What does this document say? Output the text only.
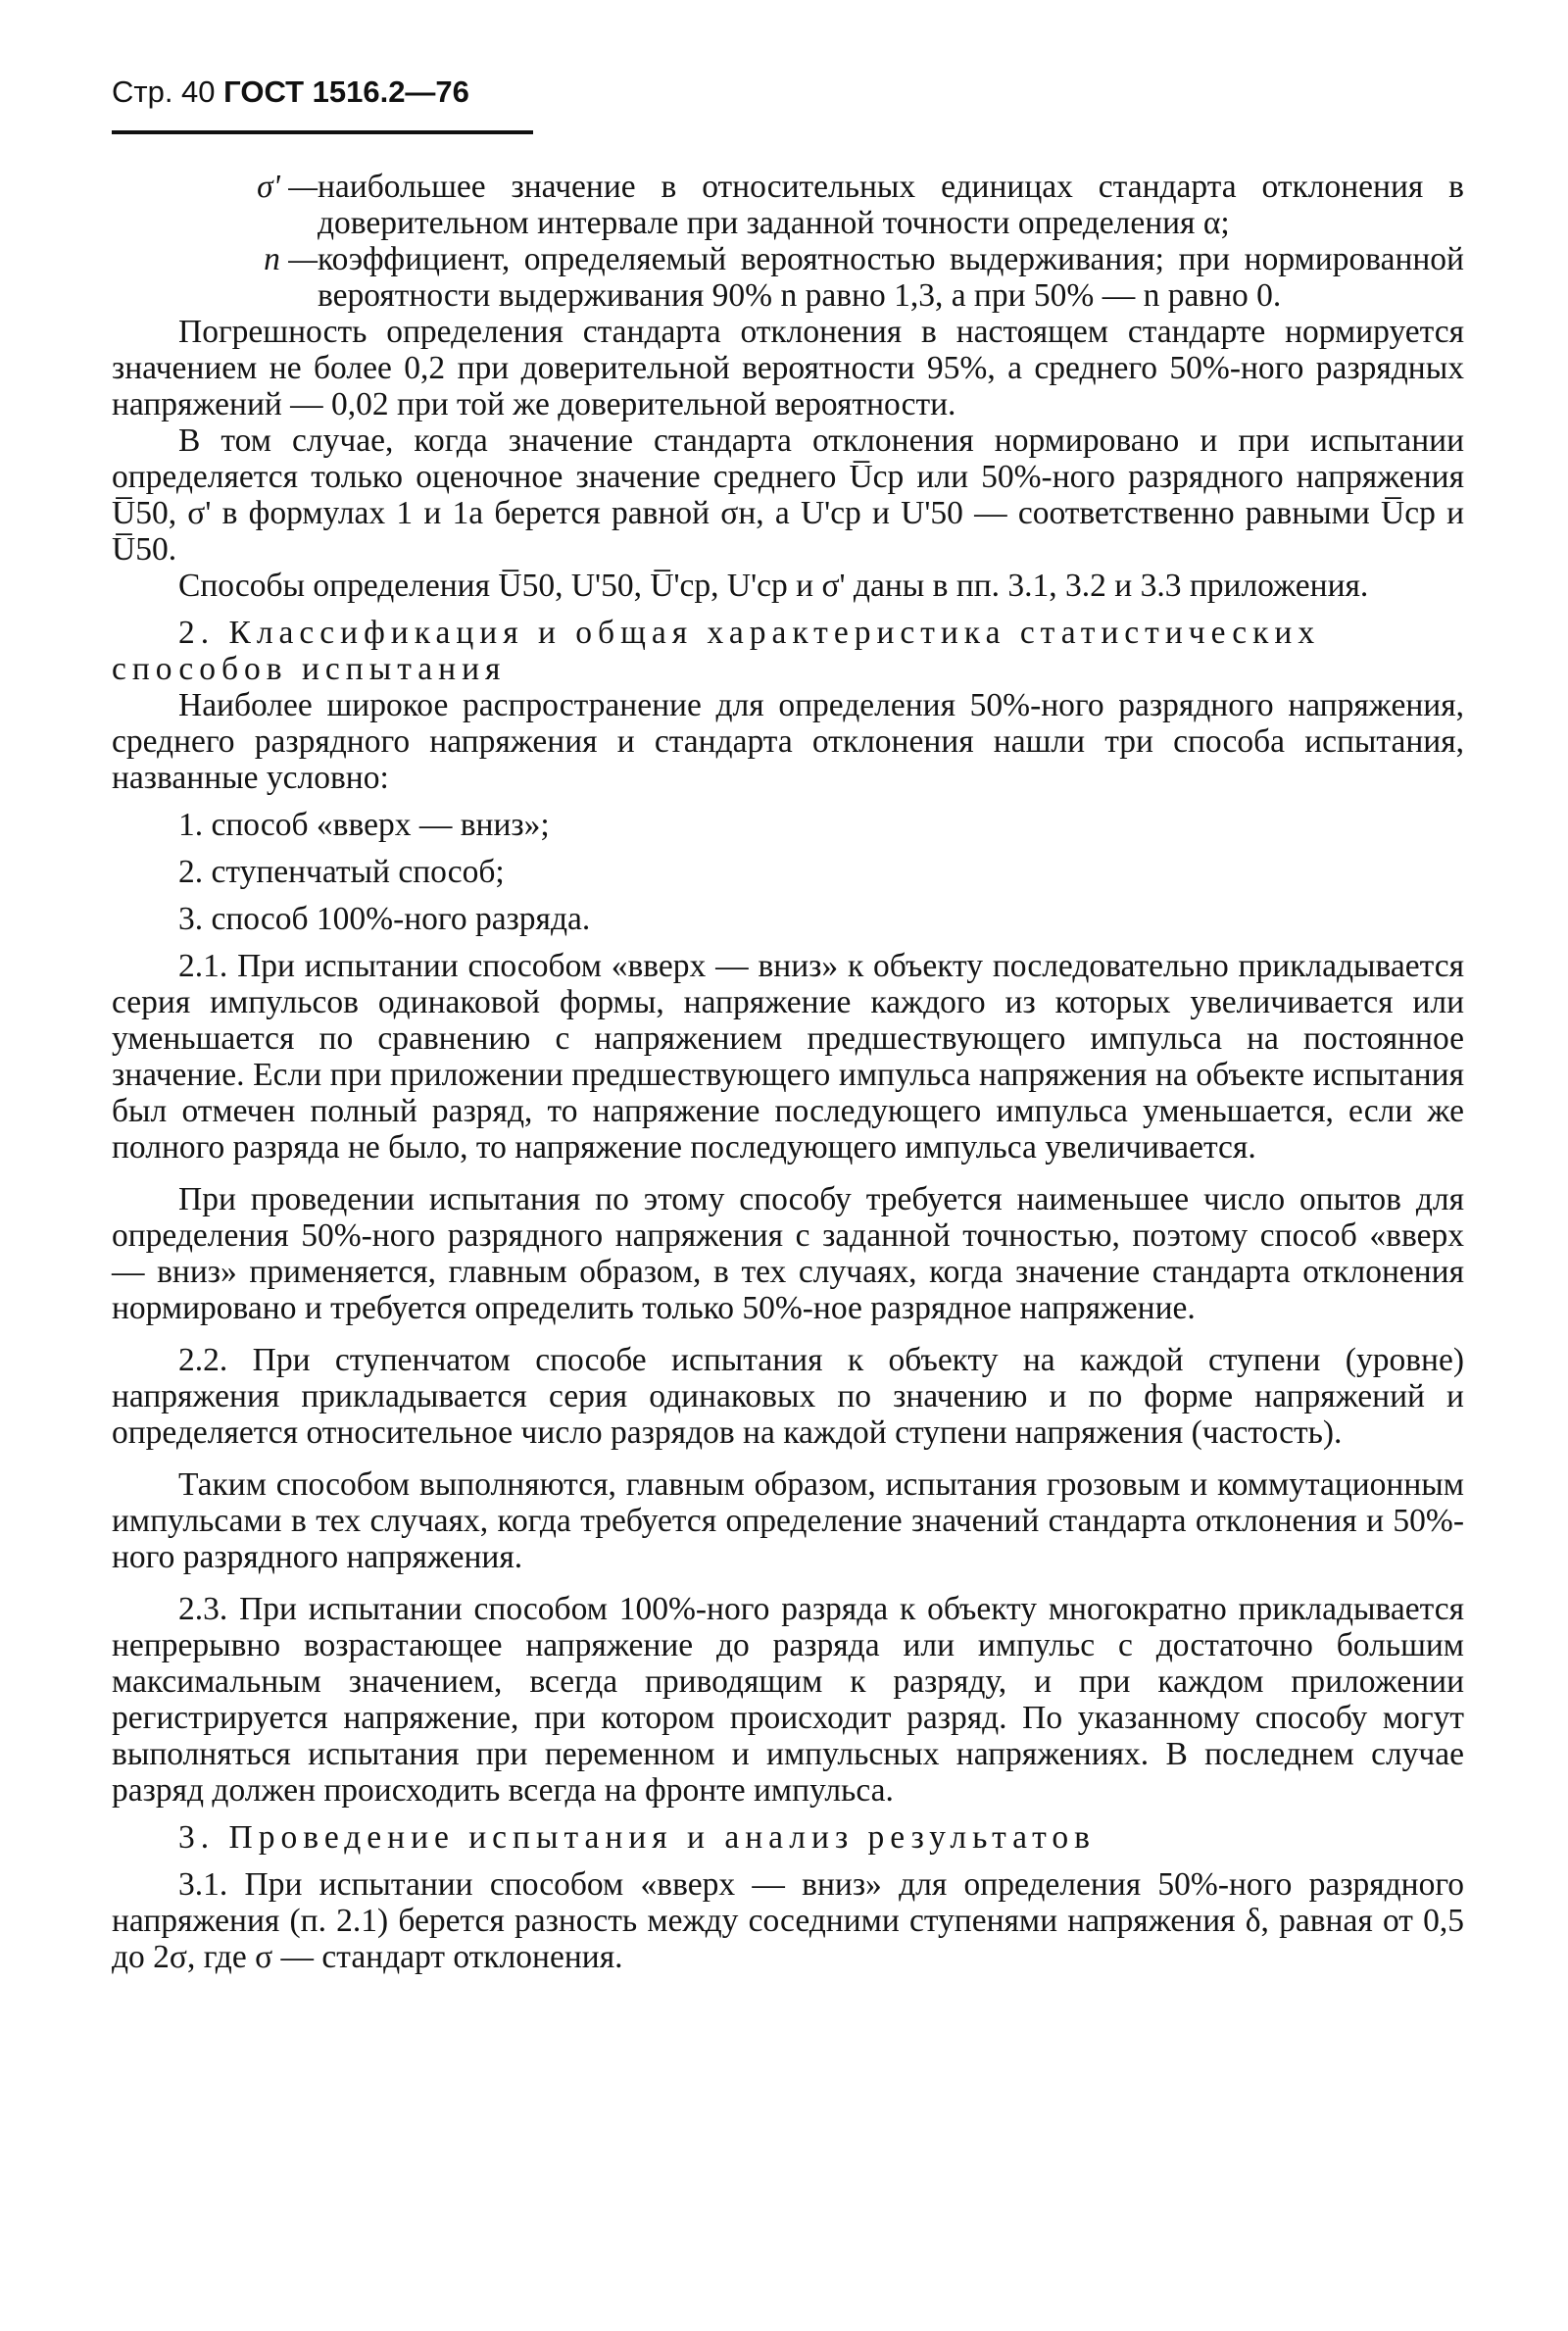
Стр. 40 ГОСТ 1516.2—76
σ' — наибольшее значение в относительных единицах стандарта отклонения в доверительном интервале при заданной точности определения α;
n — коэффициент, определяемый вероятностью выдерживания; при нормированной вероятности выдерживания 90% n равно 1,3, а при 50% — n равно 0.

Погрешность определения стандарта отклонения в настоящем стандарте нормируется значением не более 0,2 при доверительной вероятности 95%, а среднего 50%-ного разрядных напряжений — 0,02 при той же доверительной вероятности.

В том случае, когда значение стандарта отклонения нормировано и при испытании определяется только оценочное значение среднего U̅ср или 50%-ного разрядного напряжения U̅50, σ' в формулах 1 и 1а берется равной σн, а U'ср и U'50 — соответственно равными U̅ср и U̅50.

Способы определения U̅50, U'50, U̅'ср, U'ср и σ' даны в пп. 3.1, 3.2 и 3.3 приложения.

2. Классификация и общая характеристика статистических способов испытания

Наиболее широкое распространение для определения 50%-ного разрядного напряжения, среднего разрядного напряжения и стандарта отклонения нашли три способа испытания, названные условно:

1. способ «вверх — вниз»;

2. ступенчатый способ;

3. способ 100%-ного разряда.

2.1. При испытании способом «вверх — вниз» к объекту последовательно прикладывается серия импульсов одинаковой формы, напряжение каждого из которых увеличивается или уменьшается по сравнению с напряжением предшествующего импульса на постоянное значение. Если при приложении предшествующего импульса напряжения на объекте испытания был отмечен полный разряд, то напряжение последующего импульса уменьшается, если же полного разряда не было, то напряжение последующего импульса увеличивается.

При проведении испытания по этому способу требуется наименьшее число опытов для определения 50%-ного разрядного напряжения с заданной точностью, поэтому способ «вверх — вниз» применяется, главным образом, в тех случаях, когда значение стандарта отклонения нормировано и требуется определить только 50%-ное разрядное напряжение.

2.2. При ступенчатом способе испытания к объекту на каждой ступени (уровне) напряжения прикладывается серия одинаковых по значению и по форме напряжений и определяется относительное число разрядов на каждой ступени напряжения (частость).

Таким способом выполняются, главным образом, испытания грозовым и коммутационным импульсами в тех случаях, когда требуется определение значений стандарта отклонения и 50%-ного разрядного напряжения.

2.3. При испытании способом 100%-ного разряда к объекту многократно прикладывается непрерывно возрастающее напряжение до разряда или импульс с достаточно большим максимальным значением, всегда приводящим к разряду, и при каждом приложении регистрируется напряжение, при котором происходит разряд. По указанному способу могут выполняться испытания при переменном и импульсных напряжениях. В последнем случае разряд должен происходить всегда на фронте импульса.

3. Проведение испытания и анализ результатов

3.1. При испытании способом «вверх — вниз» для определения 50%-ного разрядного напряжения (п. 2.1) берется разность между соседними ступенями напряжения δ, равная от 0,5 до 2σ, где σ — стандарт отклонения.
